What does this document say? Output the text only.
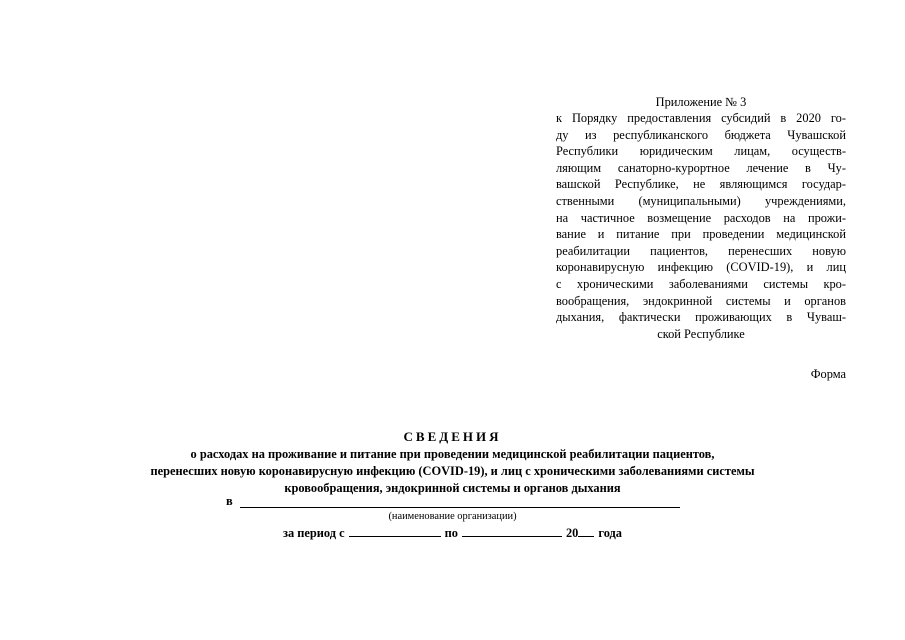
Приложение № 3
к Порядку предоставления субсидий в 2020 го-
ду из республиканского бюджета Чувашской
Республики юридическим лицам, осуществ-
ляющим санаторно-курортное лечение в Чу-
вашской Республике, не являющимся государ-
ственными (муниципальными) учреждениями,
на частичное возмещение расходов на прожи-
вание и питание при проведении медицинской
реабилитации пациентов, перенесших новую
коронавирусную инфекцию (COVID-19), и лиц
с хроническими заболеваниями системы кро-
вообращения, эндокринной системы и органов
дыхания, фактически проживающих в Чуваш-
ской Республике
Форма
СВЕДЕНИЯ
о расходах на проживание и питание при проведении медицинской реабилитации пациентов,
перенесших новую коронавирусную инфекцию (COVID-19), и лиц с хроническими заболеваниями системы
кровообращения, эндокринной системы и органов дыхания
в
(наименование организации)
за период с	по	20 года
